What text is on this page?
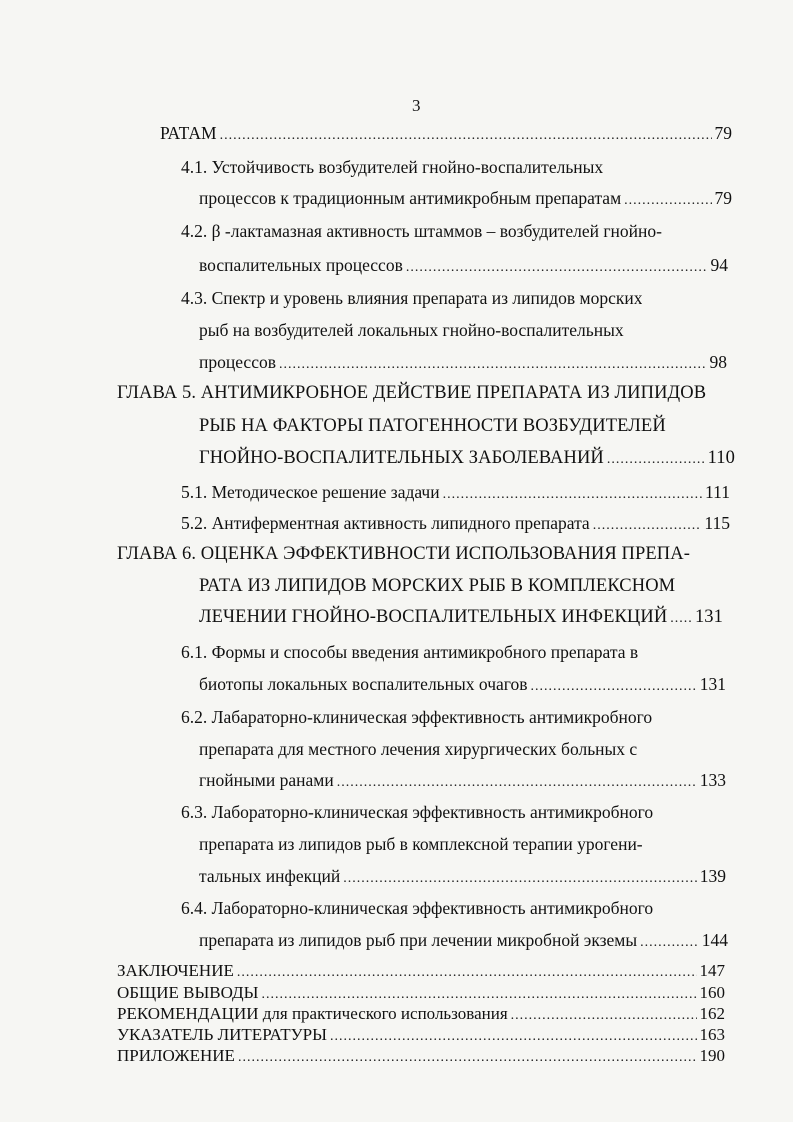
3
РАТАМ .....	79
4.1. Устойчивость возбудителей гнойно-воспалительных
процессов к традиционным антимикробным препаратам .....	79
4.2. β -лактамазная активность штаммов – возбудителей гнойно-
воспалительных процессов .....	94
4.3. Спектр и уровень влияния препарата из липидов морских
рыб на возбудителей локальных гнойно-воспалительных
процессов .....	98
ГЛАВА 5. АНТИМИКРОБНОЕ ДЕЙСТВИЕ ПРЕПАРАТА ИЗ ЛИПИДОВ
РЫБ НА ФАКТОРЫ ПАТОГЕННОСТИ ВОЗБУДИТЕЛЕЙ
ГНОЙНО-ВОСПАЛИТЕЛЬНЫХ ЗАБОЛЕВАНИЙ .....	110
5.1. Методическое решение задачи .....	111
5.2. Антиферментная активность липидного препарата .....	115
ГЛАВА 6. ОЦЕНКА ЭФФЕКТИВНОСТИ ИСПОЛЬЗОВАНИЯ ПРЕПА-
РАТА ИЗ ЛИПИДОВ МОРСКИХ РЫБ В КОМПЛЕКСНОМ
ЛЕЧЕНИИ ГНОЙНО-ВОСПАЛИТЕЛЬНЫХ ИНФЕКЦИЙ ..... 131
6.1. Формы и способы введения антимикробного препарата в
биотопы локальных воспалительных очагов .....	131
6.2. Лабараторно-клиническая эффективность антимикробного
препарата для местного лечения хирургических больных с
гнойными ранами .....	133
6.3. Лабораторно-клиническая эффективность антимикробного
препарата из липидов рыб в комплексной терапии урогени-
тальных инфекций .....	139
6.4. Лабораторно-клиническая эффективность антимикробного
препарата из липидов рыб при лечении микробной экземы .....	144
ЗАКЛЮЧЕНИЕ .....	147
ОБЩИЕ ВЫВОДЫ .....	160
РЕКОМЕНДАЦИИ для практического использования .....	162
УКАЗАТЕЛЬ ЛИТЕРАТУРЫ .....	163
ПРИЛОЖЕНИЕ .....	190
